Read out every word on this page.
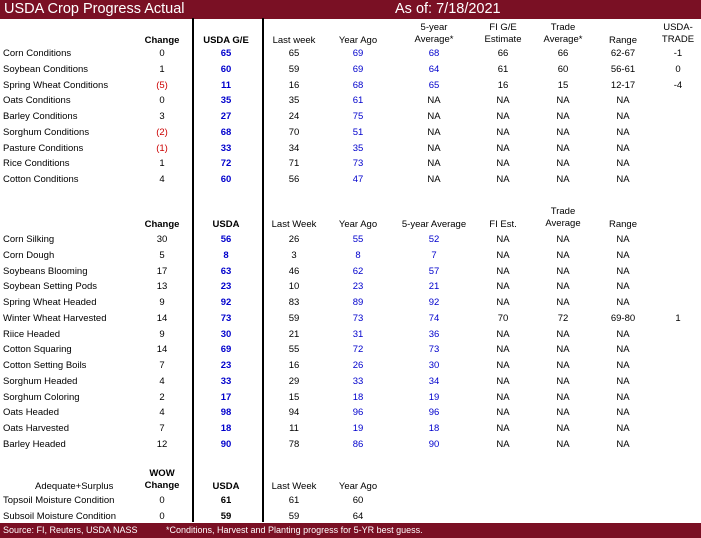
USDA Crop Progress Actual	As of: 7/18/2021
Change	USDA G/E	Last week Year Ago
5-year
Average*
FI G/E
Estimate
Trade
Average*	Range
USDA-
TRADE
Corn Conditions	0	65	65	69	68	66	66	62-67	-1
Soybean Conditions	1	60	59	69	64	61	60	56-61	0
Spring Wheat Conditions	(5)	11	16	68	65	16	15	12-17	-4
Oats Conditions	0	35	35	61	NA	NA	NA	NA
Barley Conditions	3	27	24	75	NA	NA	NA	NA
Sorghum Conditions	(2)	68	70	51	NA	NA	NA	NA
Pasture Conditions	(1)	33	34	35	NA	NA	NA	NA
Rice Conditions	1	72	71	73	NA	NA	NA	NA
Cotton Conditions	4	60	56	47	NA	NA	NA	NA
Change	USDA	Last Week Year Ago	5-year Average FI Est.
Trade
Average	Range
Corn Silking	30	56	26	55	52	NA	NA	NA
Corn Dough	5	8	3	8	7	NA	NA	NA
Soybeans Blooming	17	63	46	62	57	NA	NA	NA
Soybean Setting Pods	13	23	10	23	21	NA	NA	NA
Spring Wheat Headed	9	92	83	89	92	NA	NA	NA
Winter Wheat Harvested	14	73	59	73	74	70	72	69-80	1
Riice Headed	9	30	21	31	36	NA	NA	NA
Cotton Squaring	14	69	55	72	73	NA	NA	NA
Cotton Setting Boils	7	23	16	26	30	NA	NA	NA
Sorghum Headed	4	33	29	33	34	NA	NA	NA
Sorghum Coloring	2	17	15	18	19	NA	NA	NA
Oats Headed	4	98	94	96	96	NA	NA	NA
Oats Harvested	7	18	11	19	18	NA	NA	NA
Barley Headed	12	90	78	86	90	NA	NA	NA
Adequate+Surplus
WOW
Change	USDA	Last Week Year Ago
Topsoil Moisture Condition	0	61	61	60
Subsoil Moisture Condition	0	59	59	64
Source: FI, Reuters, USDA NASS	*Conditions, Harvest and Planting progress for 5-YR best guess.
